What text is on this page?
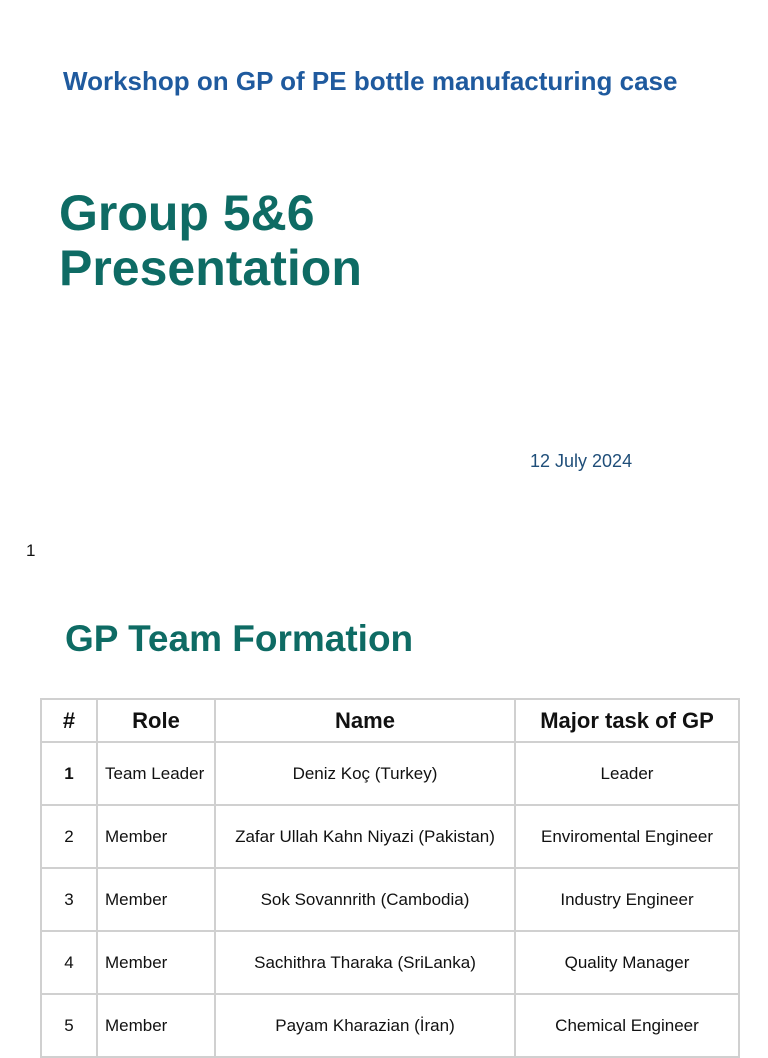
Workshop on GP of PE bottle manufacturing case
Group 5&6
Presentation
12 July 2024
1
GP Team Formation
#	Role	Name	Major task of GP
1	Team Leader	Deniz Koç (Turkey)	Leader
2	Member	Zafar Ullah Kahn Niyazi (Pakistan)	Enviromental Engineer
3	Member	Sok Sovannrith (Cambodia)	Industry Engineer
4	Member	Sachithra Tharaka (SriLanka)	Quality Manager
5	Member	Payam Kharazian (İran)	Chemical Engineer
